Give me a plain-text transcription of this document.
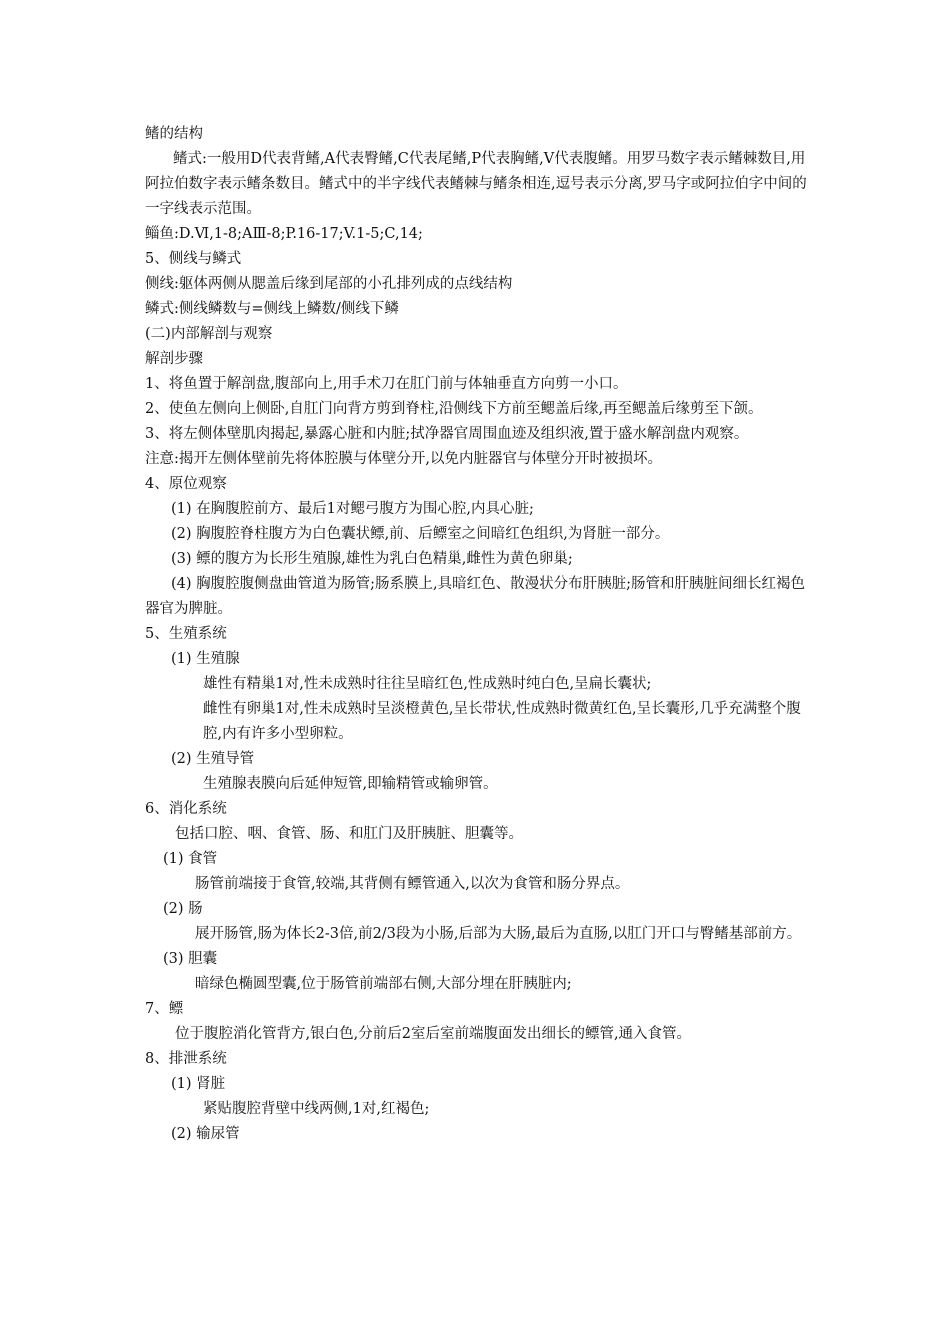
鳍的结构

鳍式:一般用D代表背鳍,A代表臀鳍,C代表尾鳍,P代表胸鳍,V代表腹鳍。用罗马数字表示鳍棘数目,用阿拉伯数字表示鳍条数目。鳍式中的半字线代表鳍棘与鳍条相连,逗号表示分离,罗马字或阿拉伯字中间的一字线表示范围。

鲻鱼:D.Ⅵ,1-8;AⅢ-8;P.16-17;V.1-5;C,14;

5、侧线与鳞式

侧线:躯体两侧从腮盖后缘到尾部的小孔排列成的点线结构

鳞式:侧线鳞数与=侧线上鳞数/侧线下鳞

(二)内部解剖与观察

解剖步骤

1、将鱼置于解剖盘,腹部向上,用手术刀在肛门前与体轴垂直方向剪一小口。

2、使鱼左侧向上侧卧,自肛门向背方剪到脊柱,沿侧线下方前至鳃盖后缘,再至鳃盖后缘剪至下颌。

3、将左侧体壁肌肉揭起,暴露心脏和内脏;拭净器官周围血迹及组织液,置于盛水解剖盘内观察。

注意:揭开左侧体壁前先将体腔膜与体壁分开,以免内脏器官与体壁分开时被损坏。

4、原位观察

(1) 在胸腹腔前方、最后1对鳃弓腹方为围心腔,内具心脏;

(2) 胸腹腔脊柱腹方为白色囊状鳔,前、后鳔室之间暗红色组织,为肾脏一部分。

(3) 鳔的腹方为长形生殖腺,雄性为乳白色精巢,雌性为黄色卵巢;

(4) 胸腹腔腹侧盘曲管道为肠管;肠系膜上,具暗红色、散漫状分布肝胰脏;肠管和肝胰脏间细长红褐色器官为脾脏。

5、生殖系统

(1) 生殖腺

雄性有精巢1对,性未成熟时往往呈暗红色,性成熟时纯白色,呈扁长囊状;

雌性有卵巢1对,性未成熟时呈淡橙黄色,呈长带状,性成熟时微黄红色,呈长囊形,几乎充满整个腹腔,内有许多小型卵粒。

(2) 生殖导管

生殖腺表膜向后延伸短管,即输精管或输卵管。

6、消化系统

包括口腔、咽、食管、肠、和肛门及肝胰脏、胆囊等。

(1) 食管

肠管前端接于食管,较端,其背侧有鳔管通入,以次为食管和肠分界点。

(2) 肠

展开肠管,肠为体长2-3倍,前2/3段为小肠,后部为大肠,最后为直肠,以肛门开口与臀鳍基部前方。

(3) 胆囊

暗绿色椭圆型囊,位于肠管前端部右侧,大部分埋在肝胰脏内;

7、鳔

位于腹腔消化管背方,银白色,分前后2室后室前端腹面发出细长的鳔管,通入食管。

8、排泄系统

(1) 肾脏

紧贴腹腔背壁中线两侧,1对,红褐色;

(2) 输尿管
